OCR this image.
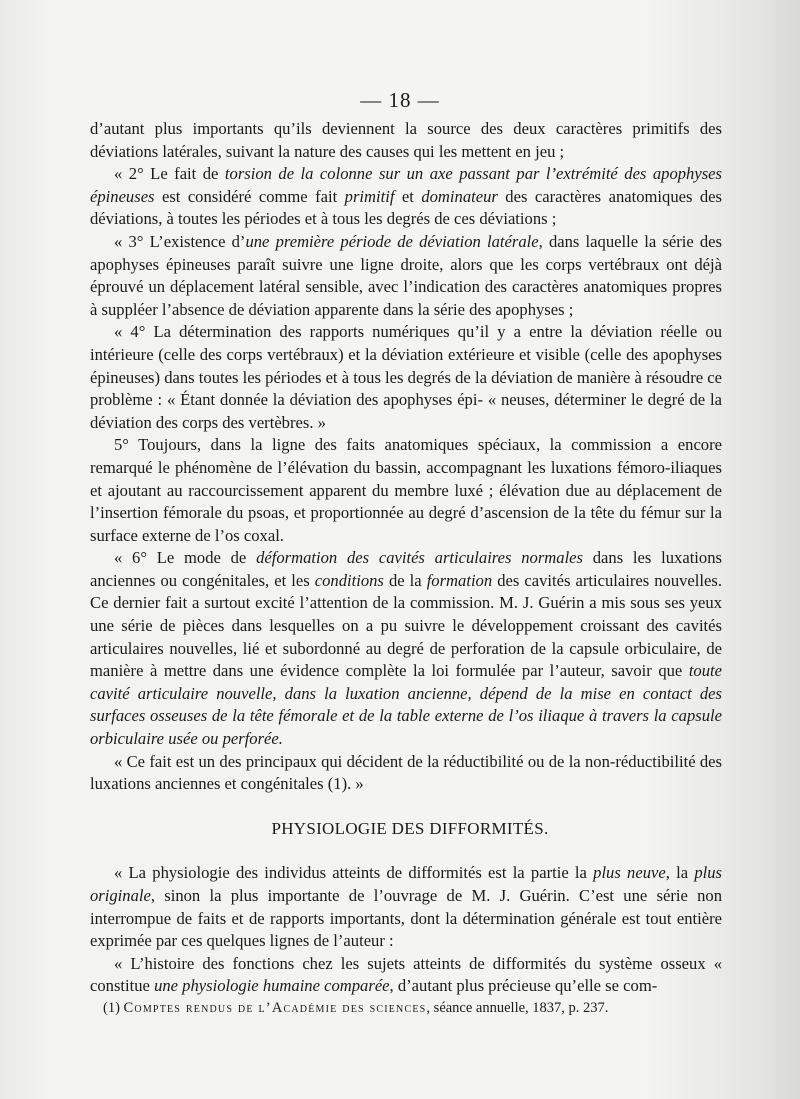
— 18 —

d’autant plus importants qu’ils deviennent la source des deux caractères primitifs des déviations latérales, suivant la nature des causes qui les mettent en jeu ;

« 2° Le fait de torsion de la colonne sur un axe passant par l’extrémité des apophyses épineuses est considéré comme fait primitif et dominateur des caractères anatomiques des déviations, à toutes les périodes et à tous les degrés de ces déviations ;

« 3° L’existence d’une première période de déviation latérale, dans laquelle la série des apophyses épineuses paraît suivre une ligne droite, alors que les corps vertébraux ont déjà éprouvé un déplacement latéral sensible, avec l’indication des caractères anatomiques propres à suppléer l’absence de déviation apparente dans la série des apophyses ;

« 4° La détermination des rapports numériques qu’il y a entre la déviation réelle ou intérieure (celle des corps vertébraux) et la déviation extérieure et visible (celle des apophyses épineuses) dans toutes les périodes et à tous les degrés de la déviation de manière à résoudre ce problème : « Étant donnée la déviation des apophyses épi- « neuses, déterminer le degré de la déviation des corps des vertèbres. »

5° Toujours, dans la ligne des faits anatomiques spéciaux, la commission a encore remarqué le phénomène de l’élévation du bassin, accompagnant les luxations fémoro-iliaques et ajoutant au raccourcissement apparent du membre luxé ; élévation due au déplacement de l’insertion fémorale du psoas, et proportionnée au degré d’ascension de la tête du fémur sur la surface externe de l’os coxal.

« 6° Le mode de déformation des cavités articulaires normales dans les luxations anciennes ou congénitales, et les conditions de la formation des cavités articulaires nouvelles. Ce dernier fait a surtout excité l’attention de la commission. M. J. Guérin a mis sous ses yeux une série de pièces dans lesquelles on a pu suivre le développement croissant des cavités articulaires nouvelles, lié et subordonné au degré de perforation de la capsule orbiculaire, de manière à mettre dans une évidence complète la loi formulée par l’auteur, savoir que toute cavité articulaire nouvelle, dans la luxation ancienne, dépend de la mise en contact des surfaces osseuses de la tête fémorale et de la table externe de l’os iliaque à travers la capsule orbiculaire usée ou perforée.

« Ce fait est un des principaux qui décident de la réductibilité ou de la non-réductibilité des luxations anciennes et congénitales (1). »

PHYSIOLOGIE DES DIFFORMITÉS.

« La physiologie des individus atteints de difformités est la partie la plus neuve, la plus originale, sinon la plus importante de l’ouvrage de M. J. Guérin. C’est une série non interrompue de faits et de rapports importants, dont la détermination générale est tout entière exprimée par ces quelques lignes de l’auteur :

« L’histoire des fonctions chez les sujets atteints de difformités du système osseux « constitue une physiologie humaine comparée, d’autant plus précieuse qu’elle se com-

(1) Comptes rendus de l’Académie des sciences, séance annuelle, 1837, p. 237.
